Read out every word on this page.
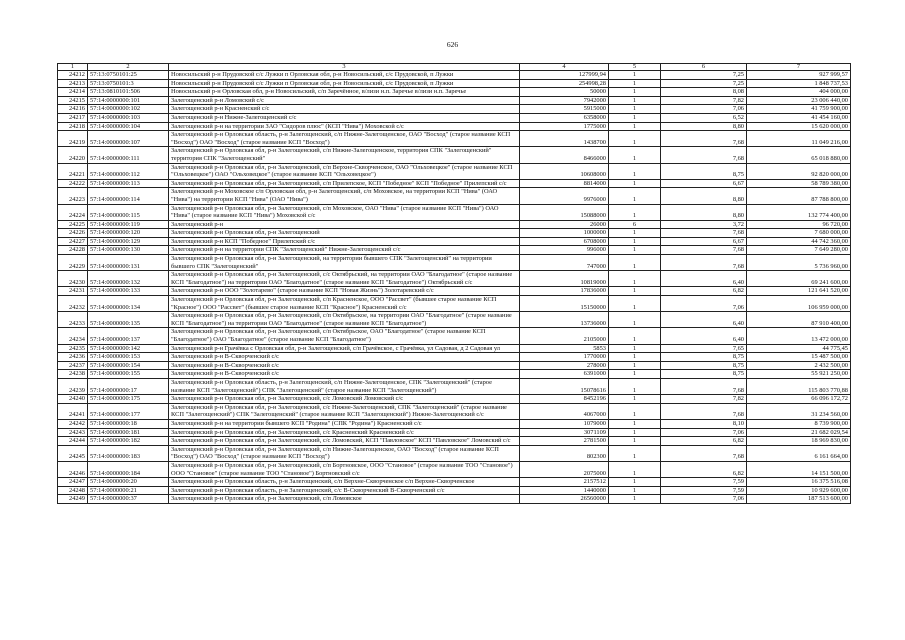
626
1	2	3	4	5	6	7
24212	57:13:0750101:25	Новосильский р-н Прудовской с/с Лужки п Орловская обл, р-н Новосильский, с/с Прудовской, п Лужки	127999,94	1	7,25	927 999,57
24213	57:13:0750101:3	Новосильский р-н Прудовской с/с Лужки п Орловская обл, р-н Новосильский, с/с Прудовской, п Лужки	254998,28	1	7,25	1 848 737,53
24214	57:13:0810101:506	Новосильский р-н Орловская обл, р-н Новосильский, с/п Заречённое, в/лизи н.п. Заречье в/лизи н.п. Заречье	50000	1	8,08	404 000,00
24215	57:14:0000000:101	Залегощенский р-н Ломовский с/с	7942000	1	7,82	23 006 440,00
24216	57:14:0000000:102	Залегощенский р-н Красненский с/с	5915000	1	7,06	41 759 900,00
24217	57:14:0000000:103	Залегощенский р-н Нижне-Залегощенский с/с	6358000	1	6,52	41 454 160,00
24218	57:14:0000000:104	Залегощенский р-н на территории ЗАО "Сидоров плюс" (КСП "Нива") Моховской с/с	1775000	1	8,80	15 620 000,00
24219	57:14:0000000:107	Залегощенский р-н Орловская область, р-н Залегощенский, с/п Нижне-Залегощенское, ОАО "Восход" (старое название КСП "Восход") ОАО "Восход" (старое название КСП "Восход")	1438700	1	7,68	11 049 216,00
24220	57:14:0000000:111	Залегощенский р-н Орловская обл, р-н Залегощенский, с/п Нижне-Залегощенское, территория СПК "Залегощенский" территория СПК "Залегощенский"	8466000	1	7,68	65 018 880,00
24221	57:14:0000000:112	Залегощенский р-н Орловская обл, р-н Залегощенский, с/п Верхне-Скворченское, ОАО "Ольховецкое" (старое название КСП "Ольховецкое") ОАО "Ольховецкое" (старое название КСП "Ольховецкое")	10608000	1	8,75	92 820 000,00
24222	57:14:0000000:113	Залегощенский р-н Орловская обл, р-н Залегощенский, с/п Прилепское, КСП "Победное" КСП "Победное" Прилепский с/с	8814000	1	6,67	58 789 380,00
24223	57:14:0000000:114	Залегощенский р-н Моховское с/п Орловская обл, р-н Залегощенский, с/п Моховское, на территории КСП "Нива" (ОАО "Нива") на территории КСП "Нива" (ОАО "Нива")	9976000	1	8,80	87 788 800,00
24224	57:14:0000000:115	Залегощенский р-н Орловская обл, р-н Залегощенский, с/п Моховское, ОАО "Нива" (старое название КСП "Нива") ОАО "Нива" (старое название КСП "Нива") Моховской с/с	15088000	1	8,80	132 774 400,00
24225	57:14:0000000:119	Залегощенский р-н	26000	6	3,72	96 720,00
24226	57:14:0000000:120	Залегощенский р-н Орловская обл, р-н Залегощенский	1000000	1	7,68	7 680 000,00
24227	57:14:0000000:129	Залегощенский р-н КСП "Победное" Прилепский с/с	6708000	1	6,67	44 742 360,00
24228	57:14:0000000:130	Залегощенский р-н на территории СПК "Залегощенский" Нижне-Залегощенский с/с	996000	1	7,68	7 649 280,00
24229	57:14:0000000:131	Залегощенский р-н Орловская обл, р-н Залегощенский, на территории бывшего СПК "Залегощенский" на территории бывшего СПК "Залегощенский"	747000	1	7,68	5 736 960,00
24230	57:14:0000000:132	Залегощенский р-н Орловская обл, р-н Залегощенский, с/с Октябрьский, на территории ОАО "Благодатное" (старое название КСП "Благодатное") на территории ОАО "Благодатное" (старое название КСП "Благодатное") Октябрьский с/с	10819000	1	6,40	69 241 600,00
24231	57:14:0000000:133	Залегощенский р-н ООО "Золотарево" (старое название КСП "Новая Жизнь") Золотаревский с/с	17836000	1	6,82	121 641 520,00
24232	57:14:0000000:134	Залегощенский р-н Орловская обл, р-н Залегощенский, с/п Красненское, ООО "Рассвет" (бывшее старое название КСП "Красное") ООО "Рассвет" (бывшее старое название КСП "Красное") Красненский с/с	15150000	1	7,06	106 959 000,00
24233	57:14:0000000:135	Залегощенский р-н Орловская обл, р-н Залегощенский, с/п Октябрьское, на территории ОАО "Благодатное" (старое название КСП "Благодатное") на территории ОАО "Благодатное" (старое название КСП "Благодатное")	13736000	1	6,40	87 910 400,00
24234	57:14:0000000:137	Залегощенский р-н Орловская обл, р-н Залегощенский, с/п Октябрьское, ОАО "Благодатное" (старое название КСП "Благодатное") ОАО "Благодатное" (старое название КСП "Благодатное")	2105000	1	6,40	13 472 000,00
24235	57:14:0000000:142	Залегощенский р-н Грачёвка с Орловская обл, р-н Залегощенский, с/п Грачёвское, с Грачёвка, ул Садовая, д 2 Садовая ул	5853	1	7,65	44 775,45
24236	57:14:0000000:153	Залегощенский р-н В-Скворченский с/с	1770000	1	8,75	15 487 500,00
24237	57:14:0000000:154	Залегощенский р-н В-Скворченский с/с	278000	1	8,75	2 432 500,00
24238	57:14:0000000:155	Залегощенский р-н В-Скворченский с/с	6391000	1	8,75	55 921 250,00
24239	57:14:0000000:17	Залегощенский р-н Орловская область, р-н Залегощенский, с/п Нижне-Залегощенское, СПК "Залегощенский" (старое название КСП "Залегощенский") СПК "Залегощенский" (старое название КСП "Залегощенский")	15078616	1	7,68	115 803 770,88
24240	57:14:0000000:175	Залегощенский р-н Орловская обл, р-н Залегощенский, с/с Ломовский Ломовский с/с	8452196	1	7,82	66 096 172,72
24241	57:14:0000000:177	Залегощенский р-н Орловская обл, р-н Залегощенский, с/с Нижне-Залегощенский, СПК "Залегощенский" (старое название КСП "Залегощенский") СПК "Залегощенский" (старое название КСП "Залегощенский") Нижне-Залегощенский с/с	4067000	1	7,68	31 234 560,00
24242	57:14:0000000:18	Залегощенский р-н на территории бывшего КСП "Родина" (СПК "Родина") Красненский с/с	1079000	1	8,10	8 739 900,00
24243	57:14:0000000:181	Залегощенский р-н Орловская обл, р-н Залегощенский, с/с Красненский Красненский с/с	3071109	1	7,06	21 682 029,54
24244	57:14:0000000:182	Залегощенский р-н Орловская обл, р-н Залегощенский, с/с Ломовский, КСП "Павловское" КСП "Павловское" Ломовский с/с	2781500	1	6,82	18 969 830,00
24245	57:14:0000000:183	Залегощенский р-н Орловская обл, р-н Залегощенский, с/п Нижне-Залегощенское, ОАО "Восход" (старое название КСП "Восход") ОАО "Восход" (старое название КСП "Восход")	802300	1	7,68	6 161 664,00
24246	57:14:0000000:184	Залегощенский р-н Орловская обл, р-н Залегощенский, с/п Бортновское, ООО "Становое" (старое название ТОО "Становое") ООО "Становое" (старое название ТОО "Становое") Бортновский с/с	2075000	1	6,82	14 151 500,00
24247	57:14:0000000:20	Залегощенский р-н Орловская область, р-н Залегощенский, с/п Верхне-Скворченское с/п Верхне-Скворченское	2157512	1	7,59	16 375 516,08
24248	57:14:0000000:21	Залегощенский р-н Орловская область, р-н Залегощенский, с/с В-Скворченский В-Скворченский с/с	1440000	1	7,59	10 929 600,00
24249	57:14:0000000:37	Залегощенский р-н Орловская обл, р-н Залегощенский, с/п Ломовское	26560000	1	7,06	187 513 600,00
